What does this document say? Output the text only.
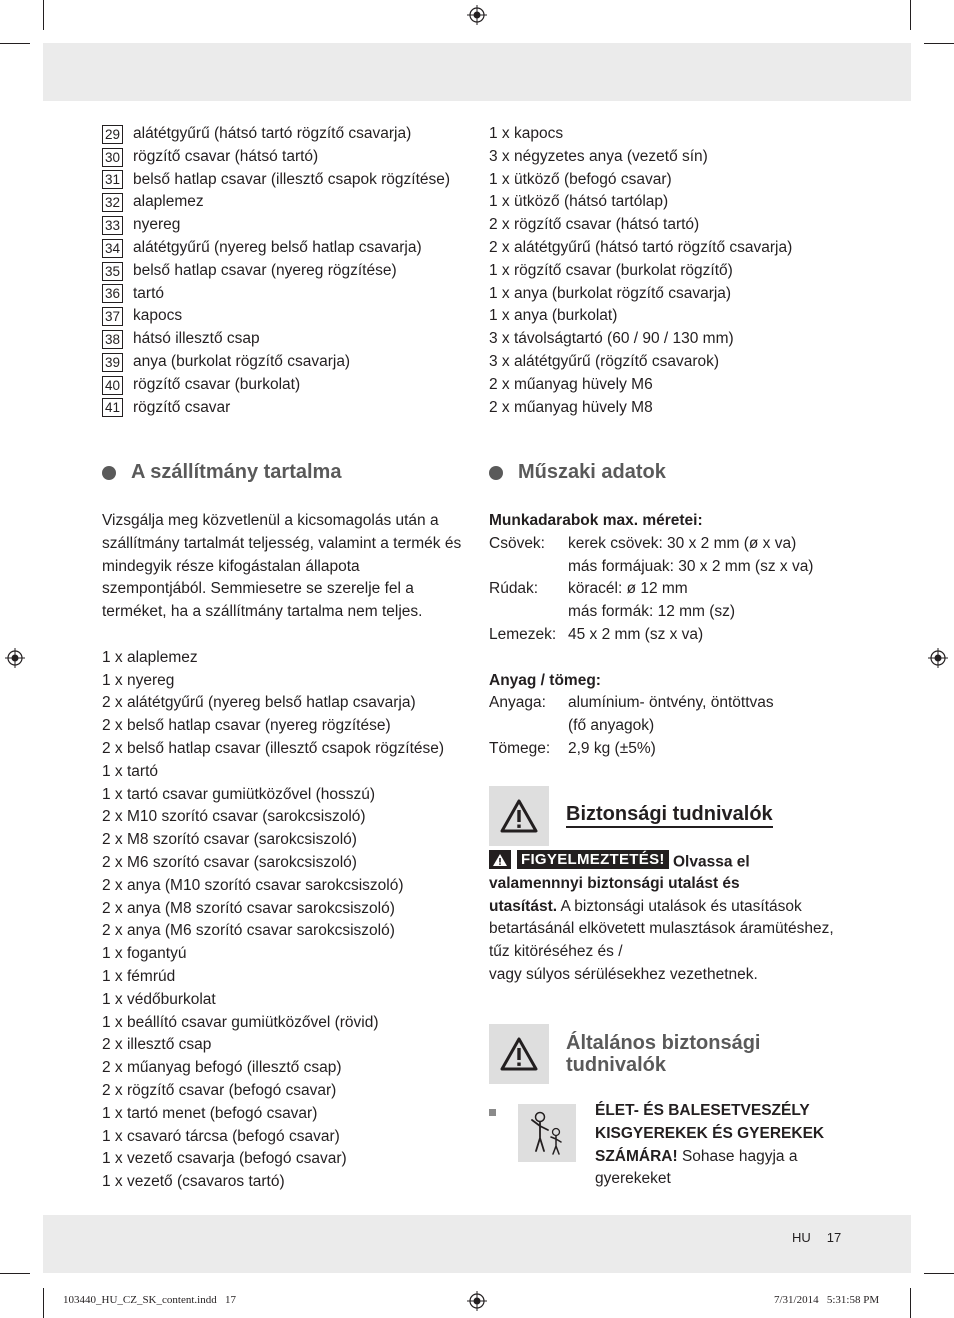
29 alátétgyűrű (hátsó tartó rögzítő csavarja)
30 rögzítő csavar (hátsó tartó)
31 belső hatlap csavar (illesztő csapok rögzítése)
32 alaplemez
33 nyereg
34 alátétgyűrű (nyereg belső hatlap csavarja)
35 belső hatlap csavar (nyereg rögzítése)
36 tartó
37 kapocs
38 hátsó illesztő csap
39 anya (burkolat rögzítő csavarja)
40 rögzítő csavar (burkolat)
41 rögzítő csavar
1 x kapocs
3 x négyzetes anya (vezető sín)
1 x ütköző (befogó csavar)
1 x ütköző (hátsó tartólap)
2 x rögzítő csavar (hátsó tartó)
2 x alátétgyűrű (hátsó tartó rögzítő csavarja)
1 x rögzítő csavar (burkolat rögzítő)
1 x anya (burkolat rögzítő csavarja)
1 x anya (burkolat)
3 x távolságtartó (60 / 90 / 130 mm)
3 x alátétgyűrű (rögzítő csavarok)
2 x műanyag hüvely M6
2 x műanyag hüvely M8
A szállítmány tartalma
Vizsgálja meg közvetlenül a kicsomagolás után a szállítmány tartalmát teljesség, valamint a termék és mindegyik része kifogástalan állapota szempontjából. Semmiesetre se szerelje fel a terméket, ha a szállítmány tartalma nem teljes.
1 x alaplemez
1 x nyereg
2 x alátétgyűrű (nyereg belső hatlap csavarja)
2 x belső hatlap csavar (nyereg rögzítése)
2 x belső hatlap csavar (illesztő csapok rögzítése)
1 x tartó
1 x tartó csavar gumiütközővel (hosszú)
2 x M10 szorító csavar (sarokcsiszoló)
2 x M8 szorító csavar (sarokcsiszoló)
2 x M6 szorító csavar (sarokcsiszoló)
2 x anya (M10 szorító csavar sarokcsiszoló)
2 x anya (M8 szorító csavar sarokcsiszoló)
2 x anya (M6 szorító csavar sarokcsiszoló)
1 x fogantyú
1 x fémrúd
1 x védőburkolat
1 x beállító csavar gumiütközővel (rövid)
2 x illesztő csap
2 x műanyag befogó (illesztő csap)
2 x rögzítő csavar (befogó csavar)
1 x tartó menet (befogó csavar)
1 x csavaró tárcsa (befogó csavar)
1 x vezető csavarja (befogó csavar)
1 x vezető (csavaros tartó)
Műszaki adatok
Munkadarabok max. méretei:
Csövek:	kerek csövek: 30 x 2 mm (ø x va)
más formájuak: 30 x 2 mm (sz x va)
Rúdak:	köracél: ø 12 mm
más formák: 12 mm (sz)
Lemezek: 45 x 2 mm (sz x va)
Anyag / tömeg:
Anyaga:	alumínium- öntvény, öntöttvas
(fő anyagok)
Tömege:	2,9 kg (±5%)
Biztonsági tudnivalók
FIGYELMEZTETÉS! Olvassa el
valamennnyi biztonsági utalást és
utasítást. A biztonsági utalások és utasítások
betartásánál elkövetett mulasztások áramütéshez,
tűz kitöréséhez és /
vagy súlyos sérülésekhez vezethetnek.
Általános biztonsági
tudnivalók
ÉLET- ÉS BALESETVESZÉLY
KISGYEREKEK ÉS GYEREKEK
SZÁMÁRA! Sohase hagyja a
gyerekeket
HU 17
103440_HU_CZ_SK_content.indd   17	7/31/2014   5:31:58 PM
